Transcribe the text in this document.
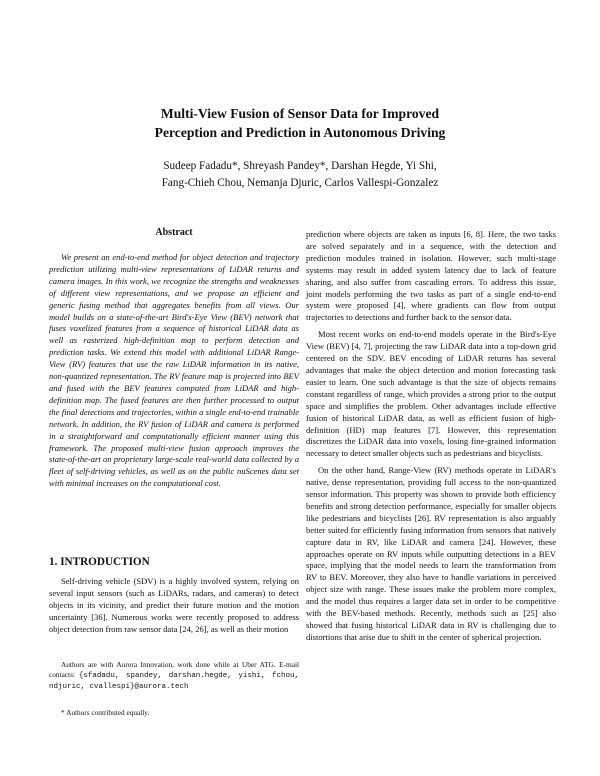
Multi-View Fusion of Sensor Data for Improved
Perception and Prediction in Autonomous Driving
Sudeep Fadadu*, Shreyash Pandey*, Darshan Hegde, Yi Shi,
Fang-Chieh Chou, Nemanja Djuric, Carlos Vallespi-Gonzalez
Abstract
We present an end-to-end method for object detection and trajectory prediction utilizing multi-view representations of LiDAR returns and camera images. In this work, we recognize the strengths and weaknesses of different view representations, and we propose an efficient and generic fusing method that aggregates benefits from all views. Our model builds on a state-of-the-art Bird's-Eye View (BEV) network that fuses voxelized features from a sequence of historical LiDAR data as well as rasterized high-definition map to perform detection and prediction tasks. We extend this model with additional LiDAR Range-View (RV) features that use the raw LiDAR information in its native, non-quantized representation. The RV feature map is projected into BEV and fused with the BEV features computed from LiDAR and high-definition map. The fused features are then further processed to output the final detections and trajectories, within a single end-to-end trainable network. In addition, the RV fusion of LiDAR and camera is performed in a straightforward and computationally efficient manner using this framework. The proposed multi-view fusion approach improves the state-of-the-art on proprietary large-scale real-world data collected by a fleet of self-driving vehicles, as well as on the public nuScenes data set with minimal increases on the computational cost.
1. INTRODUCTION
Self-driving vehicle (SDV) is a highly involved system, relying on several input sensors (such as LiDARs, radars, and cameras) to detect objects in its vicinity, and predict their future motion and the motion uncertainty [36]. Numerous works were recently proposed to address object detection from raw sensor data [24, 26], as well as their motion
Authors are with Aurora Innovation, work done while at Uber ATG. E-mail contacts: {sfadadu, spandey, darshan.hegde, yishi, fchou, ndjuric, cvallespi}@aurora.tech
* Authors contributed equally.

prediction where objects are taken as inputs [6, 8]. Here, the two tasks are solved separately and in a sequence, with the detection and prediction modules trained in isolation. However, such multi-stage systems may result in added system latency due to lack of feature sharing, and also suffer from cascading errors. To address this issue, joint models performing the two tasks as part of a single end-to-end system were proposed [4], where gradients can flow from output trajectories to detections and further back to the sensor data.

Most recent works on end-to-end models operate in the Bird's-Eye View (BEV) [4, 7], projecting the raw LiDAR data into a top-down grid centered on the SDV. BEV encoding of LiDAR returns has several advantages that make the object detection and motion forecasting task easier to learn. One such advantage is that the size of objects remains constant regardless of range, which provides a strong prior to the output space and simplifies the problem. Other advantages include effective fusion of historical LiDAR data, as well as efficient fusion of high-definition (HD) map features [7]. However, this representation discretizes the LiDAR data into voxels, losing fine-grained information necessary to detect smaller objects such as pedestrians and bicyclists.

On the other hand, Range-View (RV) methods operate in LiDAR's native, dense representation, providing full access to the non-quantized sensor information. This property was shown to provide both efficiency benefits and strong detection performance, especially for smaller objects like pedestrians and bicyclists [26]. RV representation is also arguably better suited for efficiently fusing information from sensors that natively capture data in RV, like LiDAR and camera [24]. However, these approaches operate on RV inputs while outputting detections in a BEV space, implying that the model needs to learn the transformation from RV to BEV. Moreover, they also have to handle variations in perceived object size with range. These issues make the problem more complex, and the model thus requires a larger data set in order to be competitive with the BEV-based methods. Recently, methods such as [25] also showed that fusing historical LiDAR data in RV is challenging due to distortions that arise due to shift in the center of spherical projection.
